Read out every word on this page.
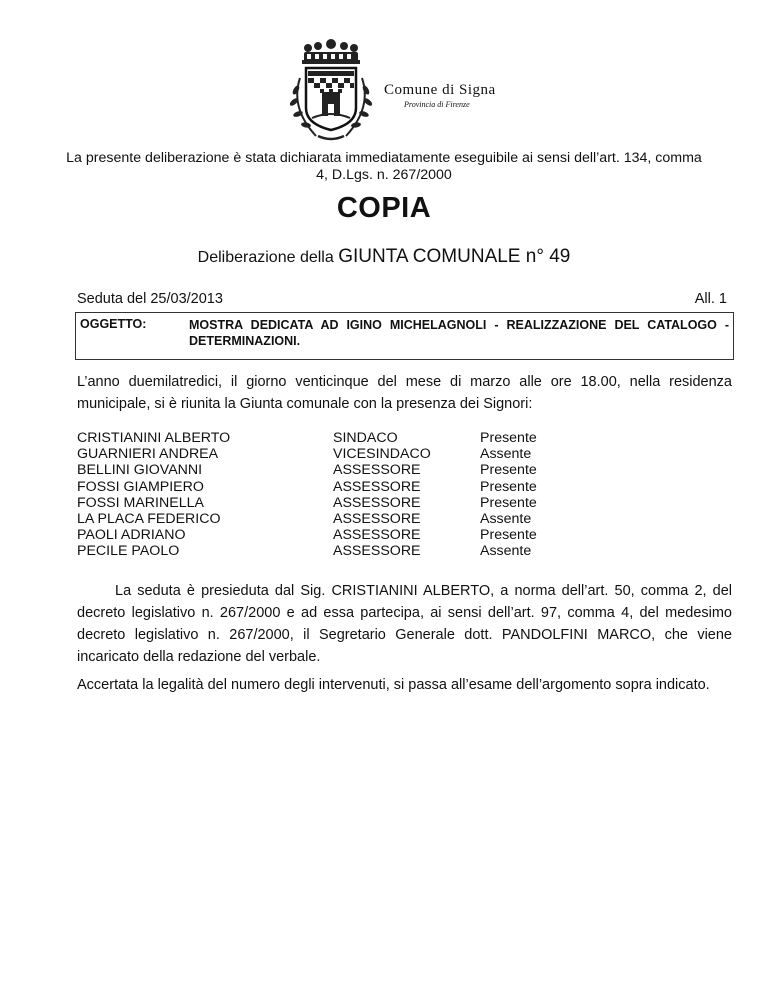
Comune di Signa
Provincia di Firenze
La presente deliberazione è stata dichiarata immediatamente eseguibile ai sensi dell’art. 134, comma 4, D.Lgs. n. 267/2000
COPIA
Deliberazione della GIUNTA COMUNALE n° 49
Seduta del 25/03/2013	All. 1
OGGETTO:	MOSTRA DEDICATA AD IGINO MICHELAGNOLI - REALIZZAZIONE DEL CATALOGO - DETERMINAZIONI.
L’anno duemilatredici, il giorno venticinque del mese di marzo alle ore 18.00, nella residenza municipale, si è riunita la Giunta comunale con la presenza dei Signori:
CRISTIANINI ALBERTO	SINDACO	Presente
GUARNIERI ANDREA	VICESINDACO	Assente
BELLINI GIOVANNI	ASSESSORE	Presente
FOSSI GIAMPIERO	ASSESSORE	Presente
FOSSI MARINELLA	ASSESSORE	Presente
LA PLACA FEDERICO	ASSESSORE	Assente
PAOLI ADRIANO	ASSESSORE	Presente
PECILE PAOLO	ASSESSORE	Assente
La seduta è presieduta dal Sig. CRISTIANINI ALBERTO, a norma dell’art. 50, comma 2, del decreto legislativo n. 267/2000 e ad essa partecipa, ai sensi dell’art. 97, comma 4, del medesimo decreto legislativo n. 267/2000, il Segretario Generale dott. PANDOLFINI MARCO, che viene incaricato della redazione del verbale.
Accertata la legalità del numero degli intervenuti, si passa all’esame dell’argomento sopra indicato.
